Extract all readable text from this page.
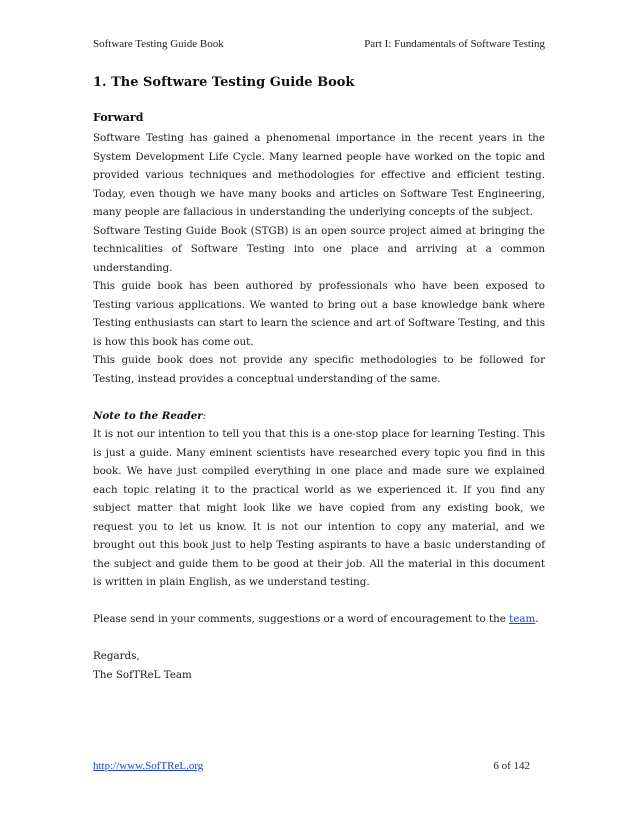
Software Testing Guide Book	Part I: Fundamentals of Software Testing
1. The Software Testing Guide Book
Forward

Software Testing has gained a phenomenal importance in the recent years in the System Development Life Cycle. Many learned people have worked on the topic and provided various techniques and methodologies for effective and efficient testing. Today, even though we have many books and articles on Software Test Engineering, many people are fallacious in understanding the underlying concepts of the subject.

Software Testing Guide Book (STGB) is an open source project aimed at bringing the technicalities of Software Testing into one place and arriving at a common understanding.

This guide book has been authored by professionals who have been exposed to Testing various applications. We wanted to bring out a base knowledge bank where Testing enthusiasts can start to learn the science and art of Software Testing, and this is how this book has come out.

This guide book does not provide any specific methodologies to be followed for Testing, instead provides a conceptual understanding of the same.

Note to the Reader:

It is not our intention to tell you that this is a one-stop place for learning Testing. This is just a guide. Many eminent scientists have researched every topic you find in this book. We have just compiled everything in one place and made sure we explained each topic relating it to the practical world as we experienced it. If you find any subject matter that might look like we have copied from any existing book, we request you to let us know. It is not our intention to copy any material, and we brought out this book just to help Testing aspirants to have a basic understanding of the subject and guide them to be good at their job. All the material in this document is written in plain English, as we understand testing.

Please send in your comments, suggestions or a word of encouragement to the team.

Regards,

The SofTReL Team

http://www.SofTReL.org	6 of 142
